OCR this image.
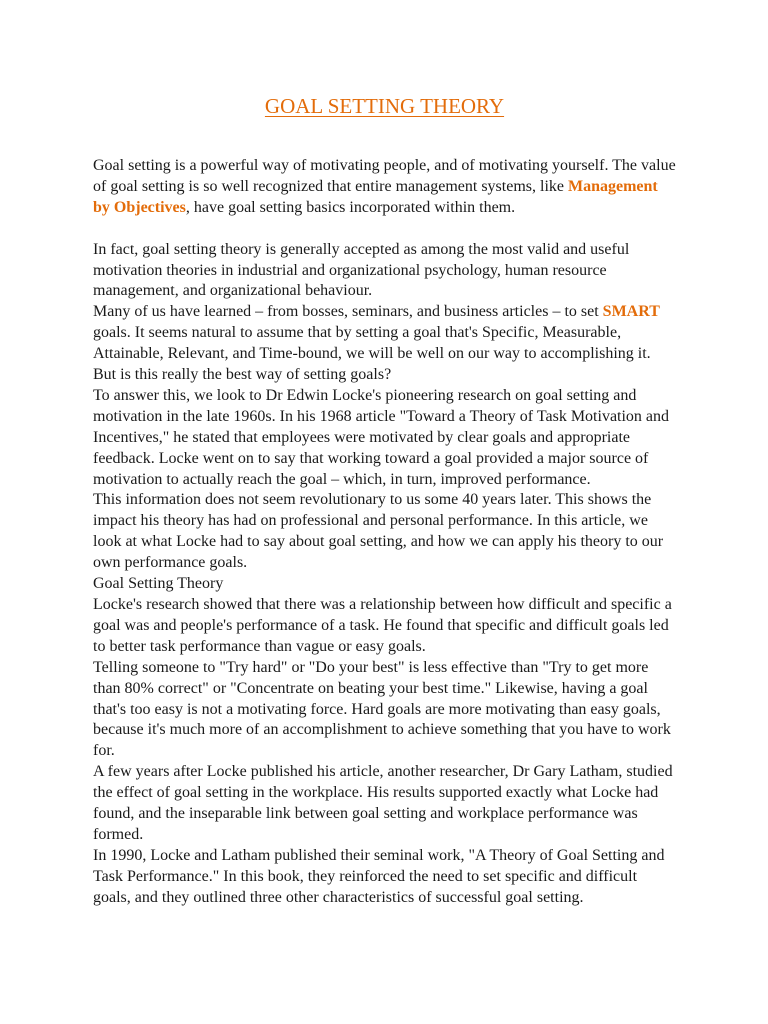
GOAL SETTING THEORY

Goal setting is a powerful way of motivating people, and of motivating yourself. The value of goal setting is so well recognized that entire management systems, like Management by Objectives, have goal setting basics incorporated within them.

In fact, goal setting theory is generally accepted as among the most valid and useful motivation theories in industrial and organizational psychology, human resource management, and organizational behaviour.

Many of us have learned – from bosses, seminars, and business articles – to set SMART goals. It seems natural to assume that by setting a goal that's Specific, Measurable, Attainable, Relevant, and Time-bound, we will be well on our way to accomplishing it.

But is this really the best way of setting goals?

To answer this, we look to Dr Edwin Locke's pioneering research on goal setting and motivation in the late 1960s. In his 1968 article "Toward a Theory of Task Motivation and Incentives," he stated that employees were motivated by clear goals and appropriate feedback. Locke went on to say that working toward a goal provided a major source of motivation to actually reach the goal – which, in turn, improved performance.

This information does not seem revolutionary to us some 40 years later. This shows the impact his theory has had on professional and personal performance. In this article, we look at what Locke had to say about goal setting, and how we can apply his theory to our own performance goals.

Goal Setting Theory

Locke's research showed that there was a relationship between how difficult and specific a goal was and people's performance of a task. He found that specific and difficult goals led to better task performance than vague or easy goals.

Telling someone to "Try hard" or "Do your best" is less effective than "Try to get more than 80% correct" or "Concentrate on beating your best time." Likewise, having a goal that's too easy is not a motivating force. Hard goals are more motivating than easy goals, because it's much more of an accomplishment to achieve something that you have to work for.

A few years after Locke published his article, another researcher, Dr Gary Latham, studied the effect of goal setting in the workplace. His results supported exactly what Locke had found, and the inseparable link between goal setting and workplace performance was formed.

In 1990, Locke and Latham published their seminal work, "A Theory of Goal Setting and Task Performance." In this book, they reinforced the need to set specific and difficult goals, and they outlined three other characteristics of successful goal setting.
